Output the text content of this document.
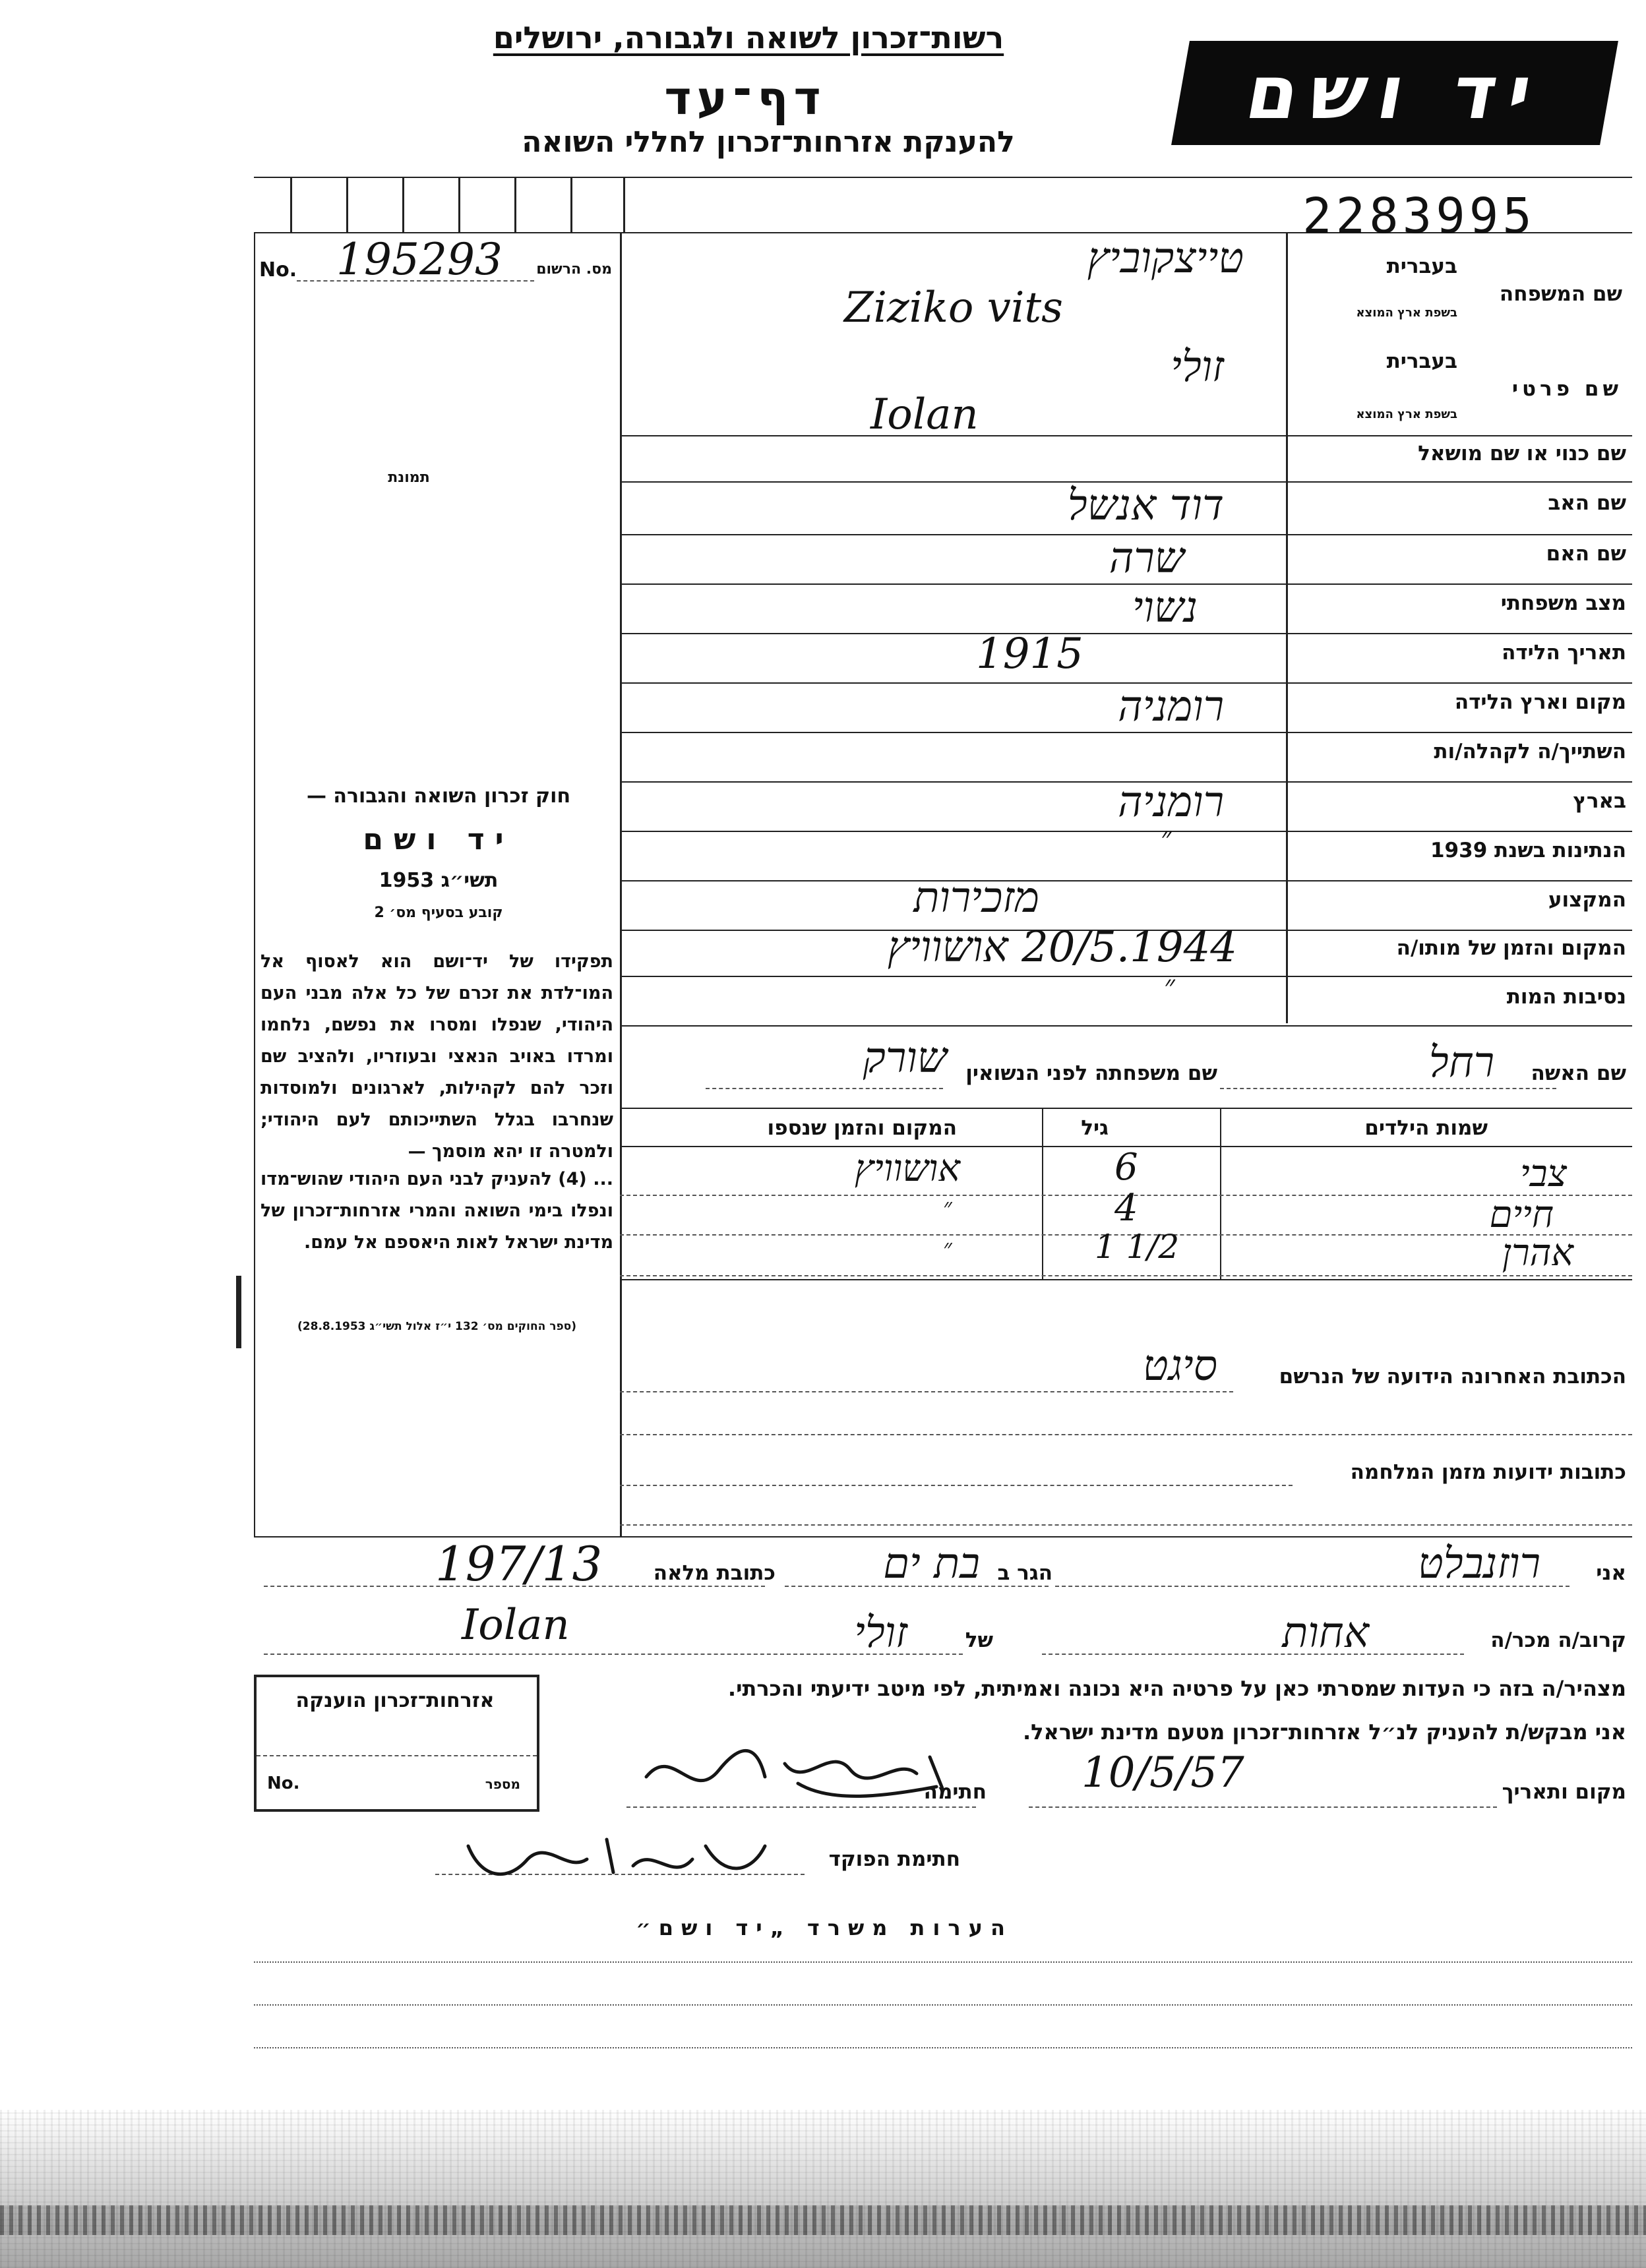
רשות־זכרון לשואה ולגבורה, ירושלים
דף־עד
להענקת אזרחות־זכרון לחללי השואה
יד ושם
2283995
No. 195293	מס. הרשום
תמונת
חוק זכרון השואה והגבורה —
יד ושם
תשי״ג 1953
קובע בסעיף מס׳ 2
תפקידו של יד־ושם הוא לאסוף אל המו־לדת את זכרם של כל אלה מבני העם היהודי, שנפלו ומסרו את נפשם, נלחמו ומרדו באויב הנאצי ובעוזריו, ולהציב שם וזכר להם לקהילות, לארגונים ולמוסדות שנחרבו בגלל השתייכותם לעם היהודי; ולמטרה זו יהא מוסמך —
... (4) להעניק לבני העם היהודי שהוש־מדו ונפלו בימי השואה והמרי אזרחות־זכרון של מדינת ישראל לאות היאספם אל עמם.
(ספר החוקים מס׳ 132 י״ז אלול תשי״ג 28.8.1953)
שם המשפחה
בעברית
בשפת ארץ המוצא
שם פרטי
בעברית
בשפת ארץ המוצא
שם כנוי או שם מושאל
שם האב
שם האם
מצב משפחתי
תאריך הלידה
מקום וארץ הלידה
השתייך/ה לקהלה/ות
בארץ
הנתינות בשנת 1939
המקצוע
המקום והזמן של מותו/ה
נסיבות המות
טייצקוביץ
Ziziko vits
זולי
Iolan
דוד אנשל
שרה
נשוי
1915
רומניה
רומניה
״
מזכירות
20/5.1944 אושוויץ
״
שם האשה
רחל
שם משפחתה לפני הנשואין
שורק
שמות הילדים
גיל
המקום והזמן שנספו
צבי
6
אושוויץ
חיים
4
״
אהרן
1 1/2
״
הכתובת האחרונה הידועה של הנרשם
סיגט
כתובות ידועות מזמן המלחמה
אני
רוזנבלט
הגר ב
בת ים
כתובת מלאה
197/13
קרוב/ה מכר/ה
אחות
של
זולי
Iolan
מצהיר/ה בזה כי העדות שמסרתי כאן על פרטיה היא נכונה ואמיתית, לפי מיטב ידיעתי והכרתי.
אני מבקש/ת להעניק לנ״ל אזרחות־זכרון מטעם מדינת ישראל.
מקום ותאריך
10/5/57
חתימה
חתימת הפוקד
אזרחות־זכרון הוענקה
No.	מספר
הערות משרד „יד ושם״
